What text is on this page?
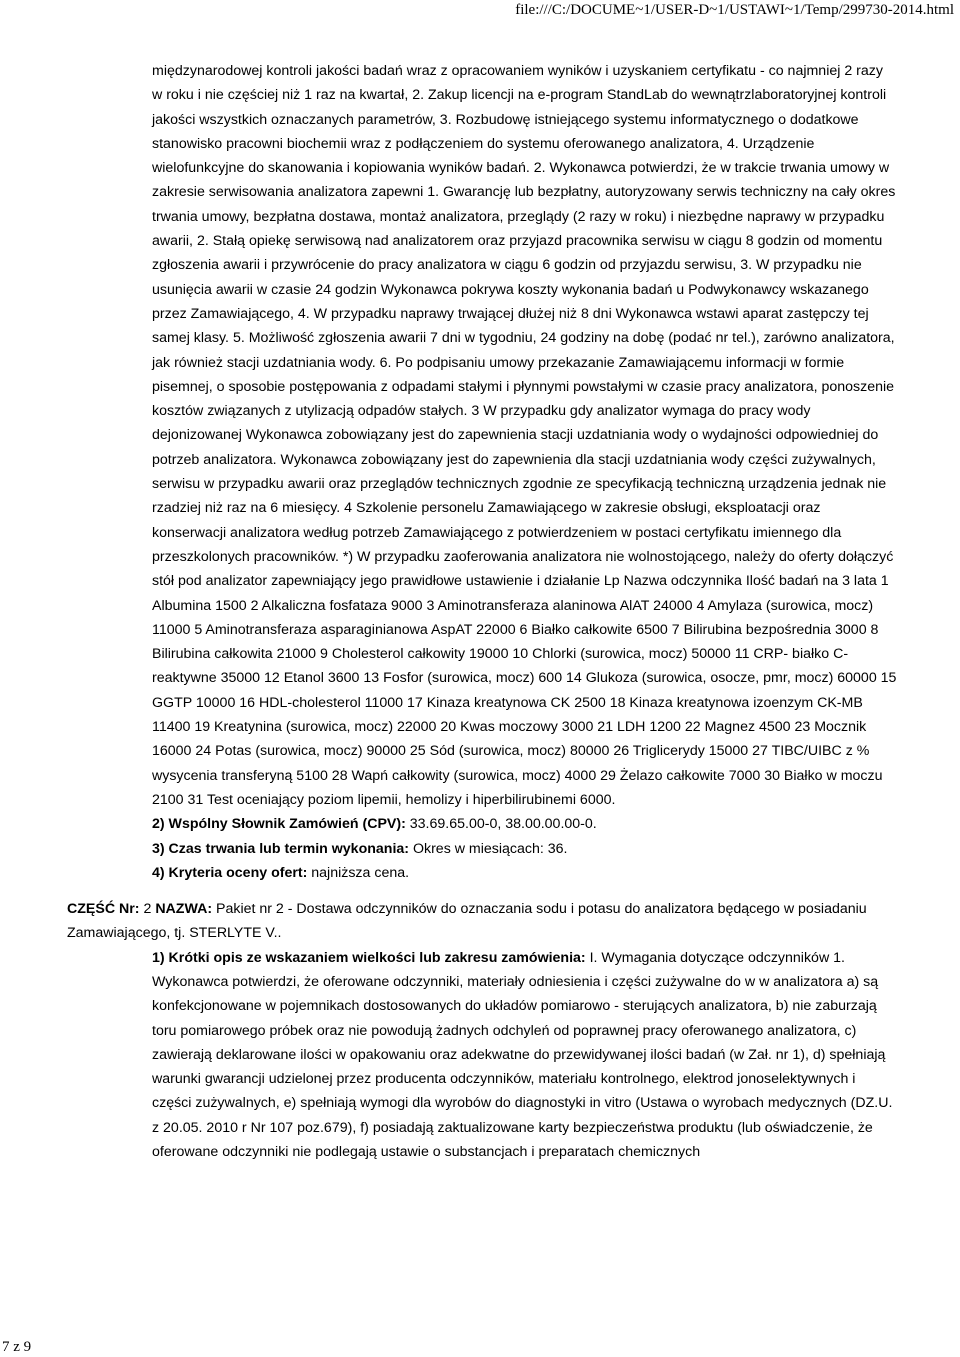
file:///C:/DOCUME~1/USER-D~1/USTAWI~1/Temp/299730-2014.html

międzynarodowej kontroli jakości badań wraz z opracowaniem wyników i uzyskaniem certyfikatu - co najmniej 2 razy w roku i nie częściej niż 1 raz na kwartał, 2. Zakup licencji na e-program StandLab do wewnątrzlaboratoryjnej kontroli jakości wszystkich oznaczanych parametrów, 3. Rozbudowę istniejącego systemu informatycznego o dodatkowe stanowisko pracowni biochemii wraz z podłączeniem do systemu oferowanego analizatora, 4. Urządzenie wielofunkcyjne do skanowania i kopiowania wyników badań. 2. Wykonawca potwierdzi, że w trakcie trwania umowy w zakresie serwisowania analizatora zapewni 1. Gwarancję lub bezpłatny, autoryzowany serwis techniczny na cały okres trwania umowy, bezpłatna dostawa, montaż analizatora, przeglądy (2 razy w roku) i niezbędne naprawy w przypadku awarii, 2. Stałą opiekę serwisową nad analizatorem oraz przyjazd pracownika serwisu w ciągu 8 godzin od momentu zgłoszenia awarii i przywrócenie do pracy analizatora w ciągu 6 godzin od przyjazdu serwisu, 3. W przypadku nie usunięcia awarii w czasie 24 godzin Wykonawca pokrywa koszty wykonania badań u Podwykonawcy wskazanego przez Zamawiającego, 4. W przypadku naprawy trwającej dłużej niż 8 dni Wykonawca wstawi aparat zastępczy tej samej klasy. 5. Możliwość zgłoszenia awarii 7 dni w tygodniu, 24 godziny na dobę (podać nr tel.), zarówno analizatora, jak również stacji uzdatniania wody. 6. Po podpisaniu umowy przekazanie Zamawiającemu informacji w formie pisemnej, o sposobie postępowania z odpadami stałymi i płynnymi powstałymi w czasie pracy analizatora, ponoszenie kosztów związanych z utylizacją odpadów stałych. 3 W przypadku gdy analizator wymaga do pracy wody dejonizowanej Wykonawca zobowiązany jest do zapewnienia stacji uzdatniania wody o wydajności odpowiedniej do potrzeb analizatora. Wykonawca zobowiązany jest do zapewnienia dla stacji uzdatniania wody części zużywalnych, serwisu w przypadku awarii oraz przeglądów technicznych zgodnie ze specyfikacją techniczną urządzenia jednak nie rzadziej niż raz na 6 miesięcy. 4 Szkolenie personelu Zamawiającego w zakresie obsługi, eksploatacji oraz konserwacji analizatora według potrzeb Zamawiającego z potwierdzeniem w postaci certyfikatu imiennego dla przeszkolonych pracowników. *) W przypadku zaoferowania analizatora nie wolnostojącego, należy do oferty dołączyć stół pod analizator zapewniający jego prawidłowe ustawienie i działanie Lp Nazwa odczynnika Ilość badań na 3 lata 1 Albumina 1500 2 Alkaliczna fosfataza 9000 3 Aminotransferaza alaninowa AlAT 24000 4 Amylaza (surowica, mocz) 11000 5 Aminotransferaza asparaginianowa AspAT 22000 6 Białko całkowite 6500 7 Bilirubina bezpośrednia 3000 8 Bilirubina całkowita 21000 9 Cholesterol całkowity 19000 10 Chlorki (surowica, mocz) 50000 11 CRP- białko C-reaktywne 35000 12 Etanol 3600 13 Fosfor (surowica, mocz) 600 14 Glukoza (surowica, osocze, pmr, mocz) 60000 15 GGTP 10000 16 HDL-cholesterol 11000 17 Kinaza kreatynowa CK 2500 18 Kinaza kreatynowa izoenzym CK-MB 11400 19 Kreatynina (surowica, mocz) 22000 20 Kwas moczowy 3000 21 LDH 1200 22 Magnez 4500 23 Mocznik 16000 24 Potas (surowica, mocz) 90000 25 Sód (surowica, mocz) 80000 26 Triglicerydy 15000 27 TIBC/UIBC z % wysycenia transferyną 5100 28 Wapń całkowity (surowica, mocz) 4000 29 Żelazo całkowite 7000 30 Białko w moczu 2100 31 Test oceniający poziom lipemii, hemolizy i hiperbilirubinemi 6000.

2) Wspólny Słownik Zamówień (CPV): 33.69.65.00-0, 38.00.00.00-0.

3) Czas trwania lub termin wykonania: Okres w miesiącach: 36.

4) Kryteria oceny ofert: najniższa cena.

CZĘŚĆ Nr: 2 NAZWA: Pakiet nr 2 - Dostawa odczynników do oznaczania sodu i potasu do analizatora będącego w posiadaniu Zamawiającego, tj. STERLYTE V..

1) Krótki opis ze wskazaniem wielkości lub zakresu zamówienia: I. Wymagania dotyczące odczynników 1. Wykonawca potwierdzi, że oferowane odczynniki, materiały odniesienia i części zużywalne do w w analizatora a) są konfekcjonowane w pojemnikach dostosowanych do układów pomiarowo - sterujących analizatora, b) nie zaburzają toru pomiarowego próbek oraz nie powodują żadnych odchyleń od poprawnej pracy oferowanego analizatora, c) zawierają deklarowane ilości w opakowaniu oraz adekwatne do przewidywanej ilości badań (w Zał. nr 1), d) spełniają warunki gwarancji udzielonej przez producenta odczynników, materiału kontrolnego, elektrod jonoselektywnych i części zużywalnych, e) spełniają wymogi dla wyrobów do diagnostyki in vitro (Ustawa o wyrobach medycznych (DZ.U. z 20.05. 2010 r Nr 107 poz.679), f) posiadają zaktualizowane karty bezpieczeństwa produktu (lub oświadczenie, że oferowane odczynniki nie podlegają ustawie o substancjach i preparatach chemicznych

7 z 9
